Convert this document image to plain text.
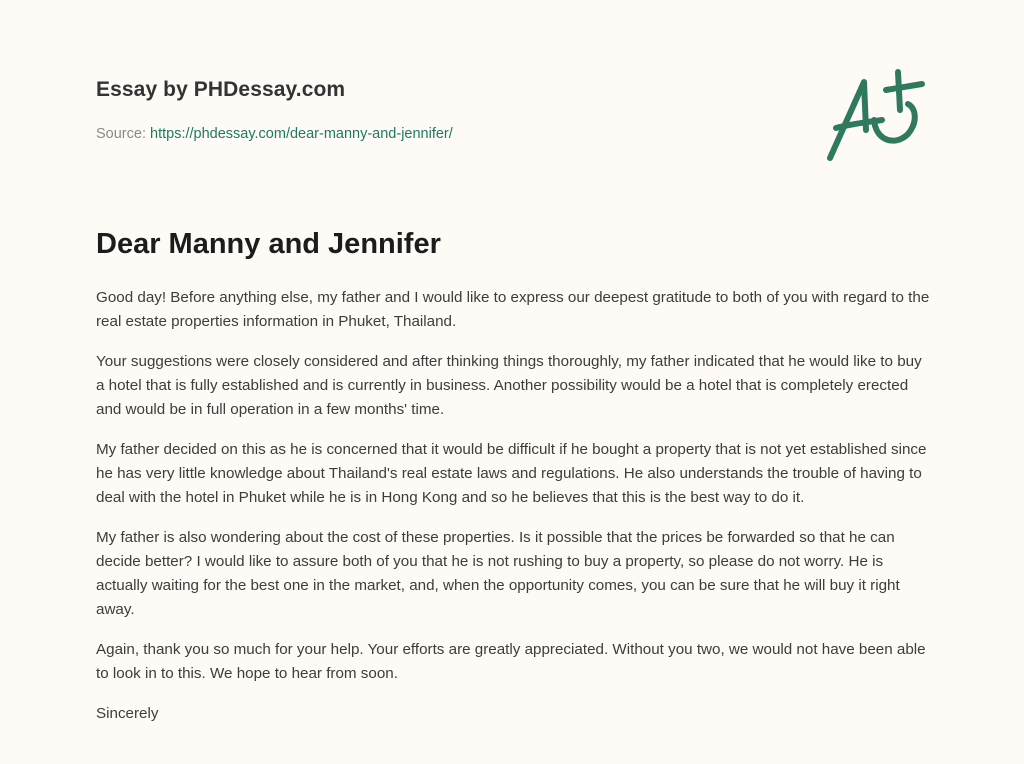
Essay by PHDessay.com
Source: https://phdessay.com/dear-manny-and-jennifer/
Dear Manny and Jennifer

Good day! Before anything else, my father and I would like to express our deepest gratitude to both of you with regard to the real estate properties information in Phuket, Thailand.

Your suggestions were closely considered and after thinking things thoroughly, my father indicated that he would like to buy a hotel that is fully established and is currently in business. Another possibility would be a hotel that is completely erected and would be in full operation in a few months' time.

My father decided on this as he is concerned that it would be difficult if he bought a property that is not yet established since he has very little knowledge about Thailand's real estate laws and regulations. He also understands the trouble of having to deal with the hotel in Phuket while he is in Hong Kong and so he believes that this is the best way to do it.

My father is also wondering about the cost of these properties. Is it possible that the prices be forwarded so that he can decide better? I would like to assure both of you that he is not rushing to buy a property, so please do not worry. He is actually waiting for the best one in the market, and, when the opportunity comes, you can be sure that he will buy it right away.

Again, thank you so much for your help. Your efforts are greatly appreciated. Without you two, we would not have been able to look in to this. We hope to hear from soon.

Sincerely
